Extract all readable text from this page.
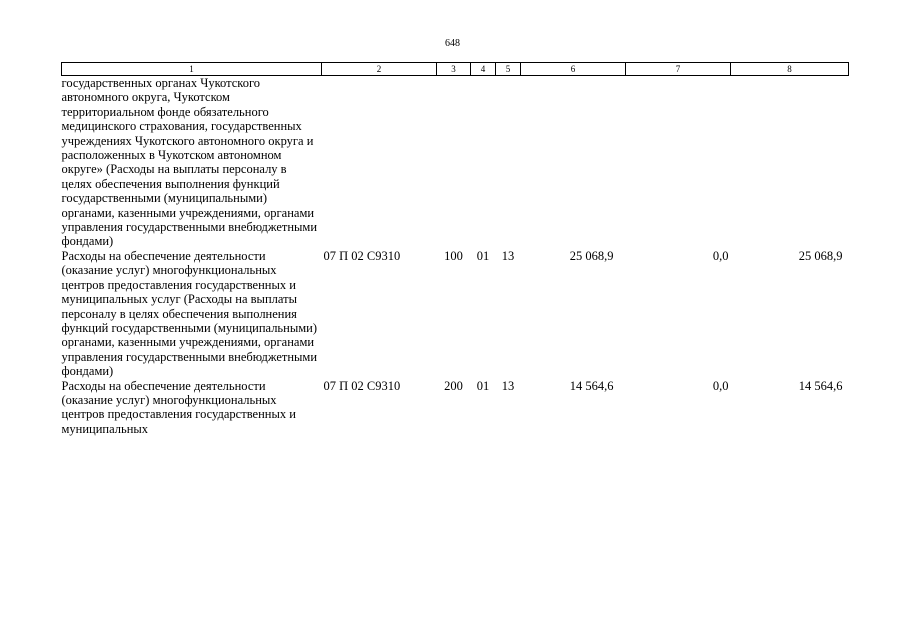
648
1	2	3	4	5	6	7	8
государственных органах Чукотского автономного округа, Чукотском территориальном фонде обязательного медицинского страхования, государственных учреждениях Чукотского автономного округа и расположенных в Чукотском автономном округе» (Расходы на выплаты персоналу в целях обеспечения выполнения функций государственными (муниципальными) органами, казенными учреждениями, органами управления государственными внебюджетными фондами)							
Расходы на обеспечение деятельности (оказание услуг) многофункциональных центров предоставления государственных и муниципальных услуг (Расходы на выплаты персоналу в целях обеспечения выполнения функций государственными (муниципальными) органами, казенными учреждениями, органами управления государственными внебюджетными фондами)	07 П 02 С9310	100	01	13	25 068,9	0,0	25 068,9
Расходы на обеспечение деятельности (оказание услуг) многофункциональных центров предоставления государственных и муниципальных	07 П 02 С9310	200	01	13	14 564,6	0,0	14 564,6
